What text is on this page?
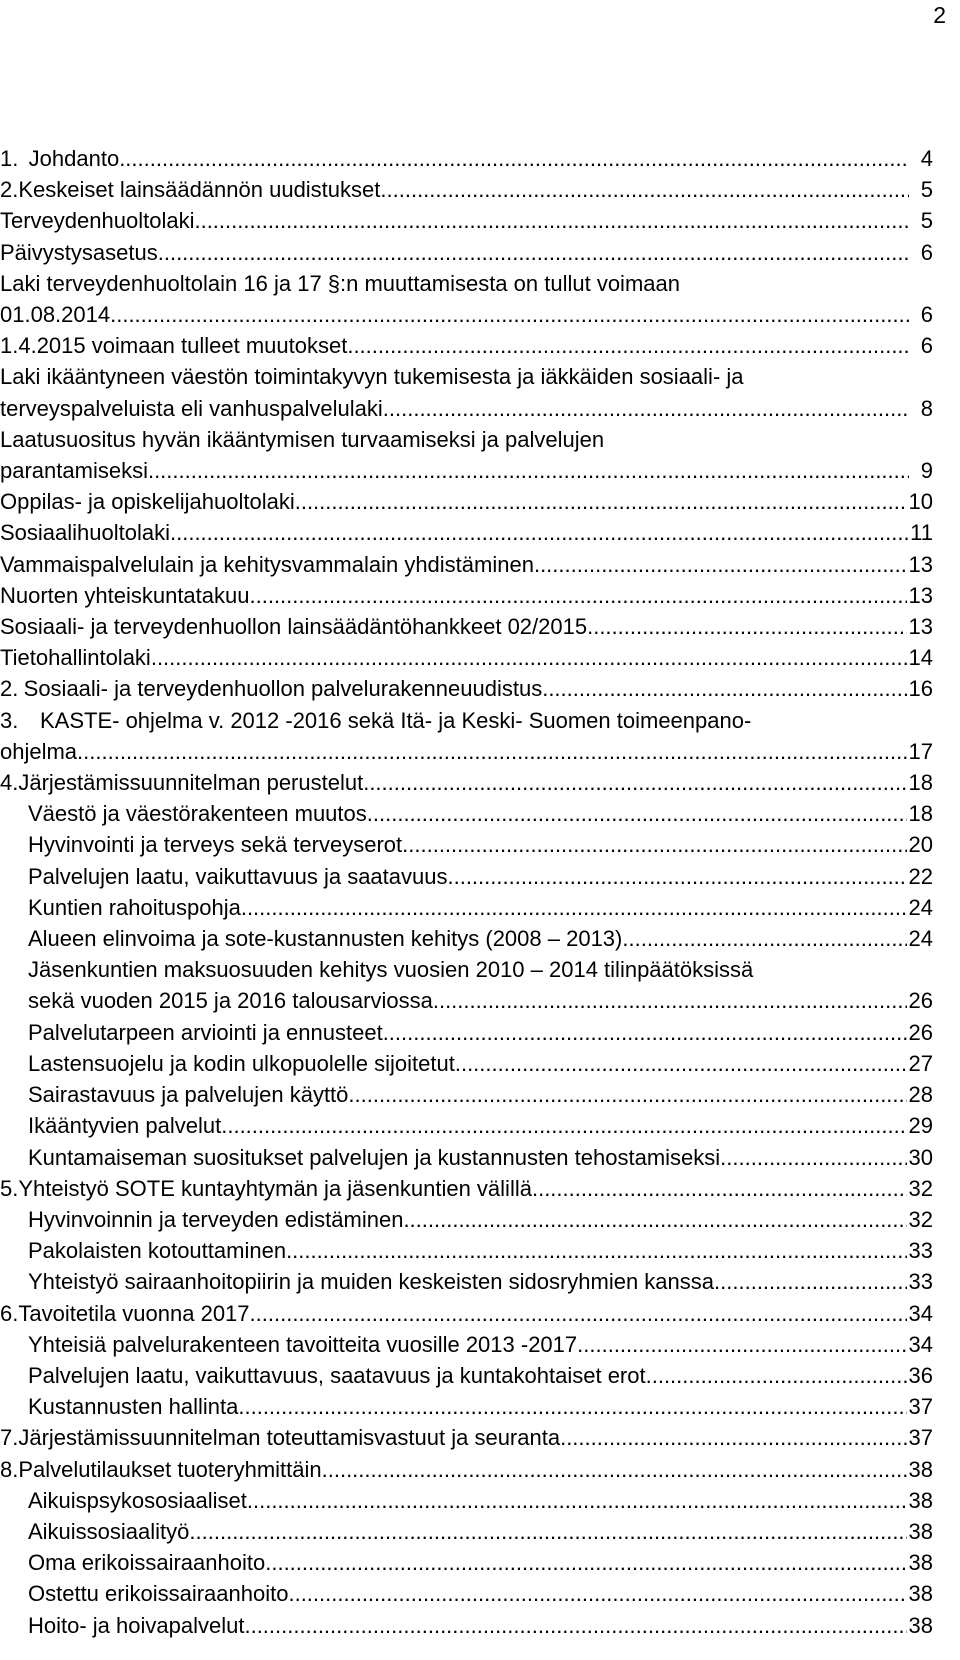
2
1. Johdanto .....	4
2. Keskeiset lainsäädännön uudistukset .....	5
Terveydenhuoltolaki .....	5
Päivystysasetus .....	6
Laki terveydenhuoltolain 16 ja 17 §:n muuttamisesta on tullut voimaan
01.08.2014 .....	6
1.4.2015 voimaan tulleet muutokset .....	6
Laki ikääntyneen väestön toimintakyvyn tukemisesta ja iäkkäiden sosiaali- ja
terveyspalveluista eli vanhuspalvelulaki .....	8
Laatusuositus hyvän ikääntymisen turvaamiseksi ja palvelujen
parantamiseksi .....	9
Oppilas- ja opiskelijahuoltolaki .....	10
Sosiaalihuoltolaki .....	11
Vammaispalvelulain ja kehitysvammalain yhdistäminen .....	13
Nuorten yhteiskuntatakuu .....	13
Sosiaali- ja terveydenhuollon lainsäädäntöhankkeet 02/2015 .....	13
Tietohallintolaki .....	14
2. Sosiaali- ja terveydenhuollon palvelurakenneuudistus .....	16
3. KASTE- ohjelma v. 2012 -2016 sekä Itä- ja Keski- Suomen toimeenpano-
ohjelma .....	17
4. Järjestämissuunnitelman perustelut .....	18
Väestö ja väestörakenteen muutos .....	18
Hyvinvointi ja terveys sekä terveyserot .....	20
Palvelujen laatu, vaikuttavuus ja saatavuus .....	22
Kuntien rahoituspohja .....	24
Alueen elinvoima ja sote-kustannusten kehitys (2008 – 2013) .....	24
Jäsenkuntien maksuosuuden kehitys vuosien 2010 – 2014 tilinpäätöksissä
sekä vuoden 2015 ja 2016 talousarviossa .....	26
Palvelutarpeen arviointi ja ennusteet .....	26
Lastensuojelu ja kodin ulkopuolelle sijoitetut .....	27
Sairastavuus ja palvelujen käyttö .....	28
Ikääntyvien palvelut .....	29
Kuntamaiseman suositukset palvelujen ja kustannusten tehostamiseksi .....	30
5. Yhteistyö SOTE kuntayhtymän ja jäsenkuntien välillä .....	32
Hyvinvoinnin ja terveyden edistäminen .....	32
Pakolaisten kotouttaminen .....	33
Yhteistyö sairaanhoitopiirin ja muiden keskeisten sidosryhmien kanssa .....	33
6. Tavoitetila vuonna 2017 .....	34
Yhteisiä palvelurakenteen tavoitteita vuosille 2013 -2017 .....	34
Palvelujen laatu, vaikuttavuus, saatavuus ja kuntakohtaiset erot .....	36
Kustannusten hallinta .....	37
7. Järjestämissuunnitelman toteuttamisvastuut ja seuranta .....	37
8. Palvelutilaukset tuoteryhmittäin .....	38
Aikuispsykososiaaliset .....	38
Aikuissosiaalityö .....	38
Oma erikoissairaanhoito .....	38
Ostettu erikoissairaanhoito .....	38
Hoito- ja hoivapalvelut .....	38
